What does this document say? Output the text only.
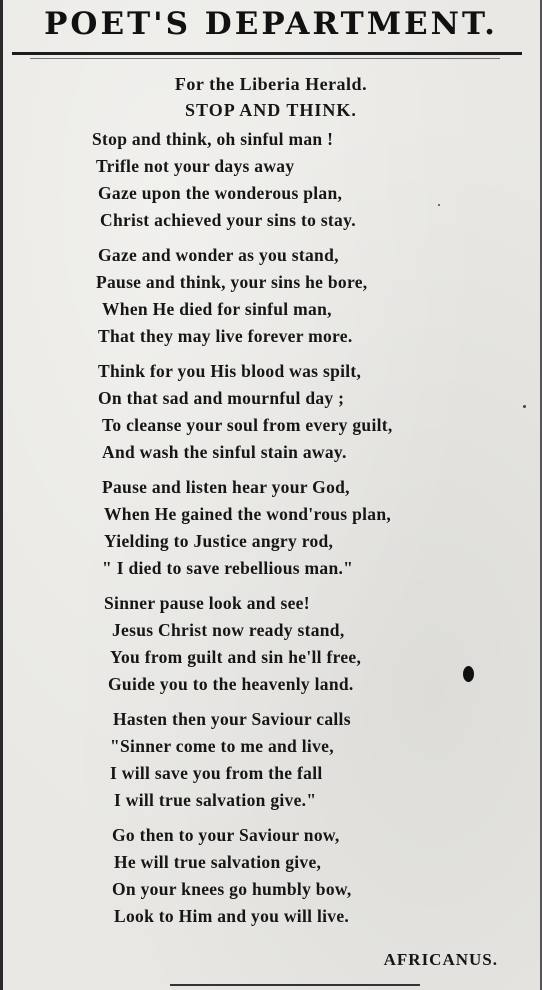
POET'S DEPARTMENT.
For the Liberia Herald.
STOP AND THINK.
Stop and think, oh sinful man !
Trifle not your days away
Gaze upon the wonderous plan,
Christ achieved your sins to stay.
Gaze and wonder as you stand,
Pause and think, your sins he bore,
When He died for sinful man,
That they may live forever more.
Think for you His blood was spilt,
On that sad and mournful day ;
To cleanse your soul from every guilt,
And wash the sinful stain away.
Pause and listen hear your God,
When He gained the wond'rous plan,
Yielding to Justice angry rod,
" I died to save rebellious man."
Sinner pause look and see!
Jesus Christ now ready stand,
You from guilt and sin he'll free,
Guide you to the heavenly land.
Hasten then your Saviour calls
"Sinner come to me and live,
I will save you from the fall
I will true salvation give."
Go then to your Saviour now,
He will true salvation give,
On your knees go humbly bow,
Look to Him and you will live.
AFRICANUS.
